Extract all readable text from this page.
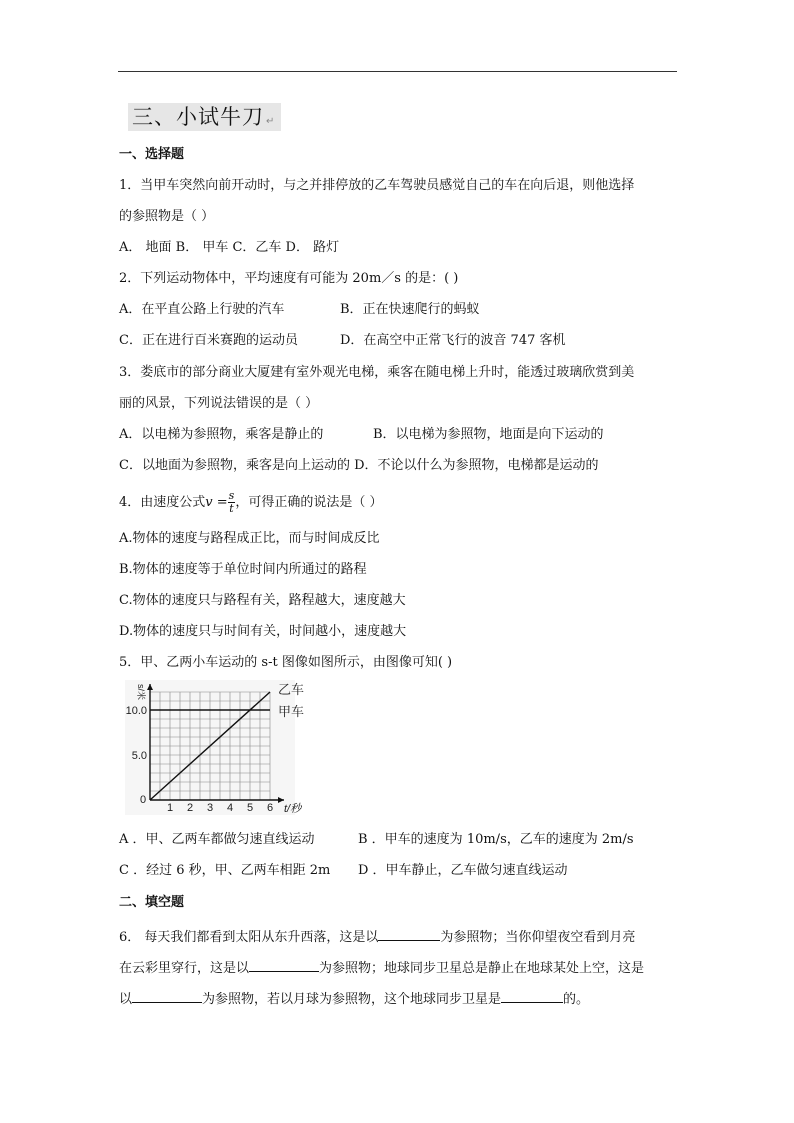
三、小试牛刀 ↵
一、选择题
1．当甲车突然向前开动时，与之并排停放的乙车驾驶员感觉自己的车在向后退，则他选择
的参照物是（ ）
A． 地面 B． 甲车 C．乙车 D． 路灯
2．下列运动物体中，平均速度有可能为 20m／s 的是：( )
A．在平直公路上行驶的汽车	B．正在快速爬行的蚂蚁
C．正在进行百米赛跑的运动员	D．在高空中正常飞行的波音 747 客机
3．娄底市的部分商业大厦建有室外观光电梯，乘客在随电梯上升时，能透过玻璃欣赏到美
丽的风景，下列说法错误的是（ ）
A．以电梯为参照物，乘客是静止的	B．以电梯为参照物，地面是向下运动的
C．以地面为参照物，乘客是向上运动的 D．不论以什么为参照物，电梯都是运动的
4．由速度公式$v = \frac{s}{t}$ ，可得正确的说法是（ ）
A.物体的速度与路程成正比，而与时间成反比
B.物体的速度等于单位时间内所通过的路程
C.物体的速度只与路程有关，路程越大，速度越大
D.物体的速度只与时间有关，时间越小，速度越大
5．甲、乙两小车运动的 s-t 图像如图所示，由图像可知( )
乙车
甲车
0
1 2 3 4 5 6
5.0
10.0
t/秒
s/米
A ．甲、乙两车都做匀速直线运动	B ．甲车的速度为 10m/s，乙车的速度为 2m/s
C ．经过 6 秒，甲、乙两车相距 2m D ．甲车静止，乙车做匀速直线运动
二、填空题
6． 每天我们都看到太阳从东升西落，这是以	为参照物；当你仰望夜空看到月亮
在云彩里穿行，这是以	为参照物；地球同步卫星总是静止在地球某处上空，这是
以	为参照物，若以月球为参照物，这个地球同步卫星是	的。
